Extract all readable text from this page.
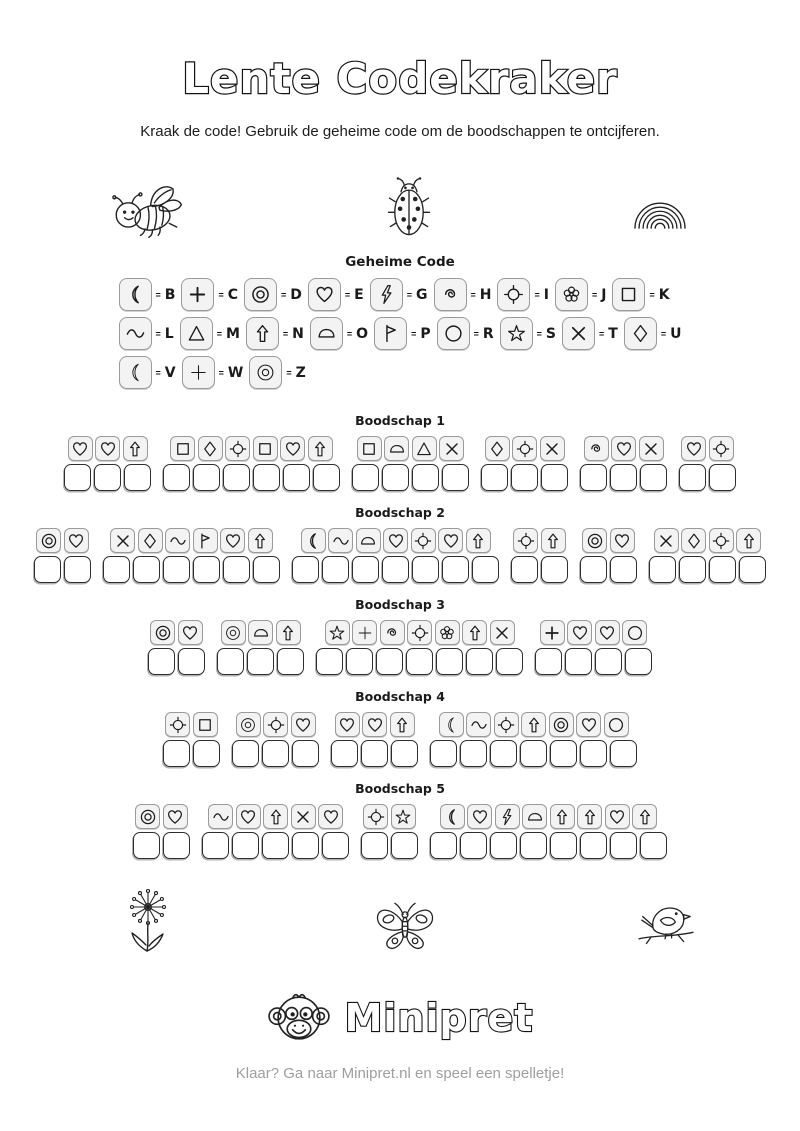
Lente Codekraker

Kraak de code! Gebruik de geheime code om de boodschappen te ontcijferen.

Geheime Code
= B	= C	= D	= E	= G	= H	= I	= J	= K
= L	= M	= N	= O	= P	= R	= S	= T	= U
= V	= W	= Z
Boodschap 1
Boodschap 2
Boodschap 3
Boodschap 4
Boodschap 5
Minipret

Klaar? Ga naar Minipret.nl en speel een spelletje!
